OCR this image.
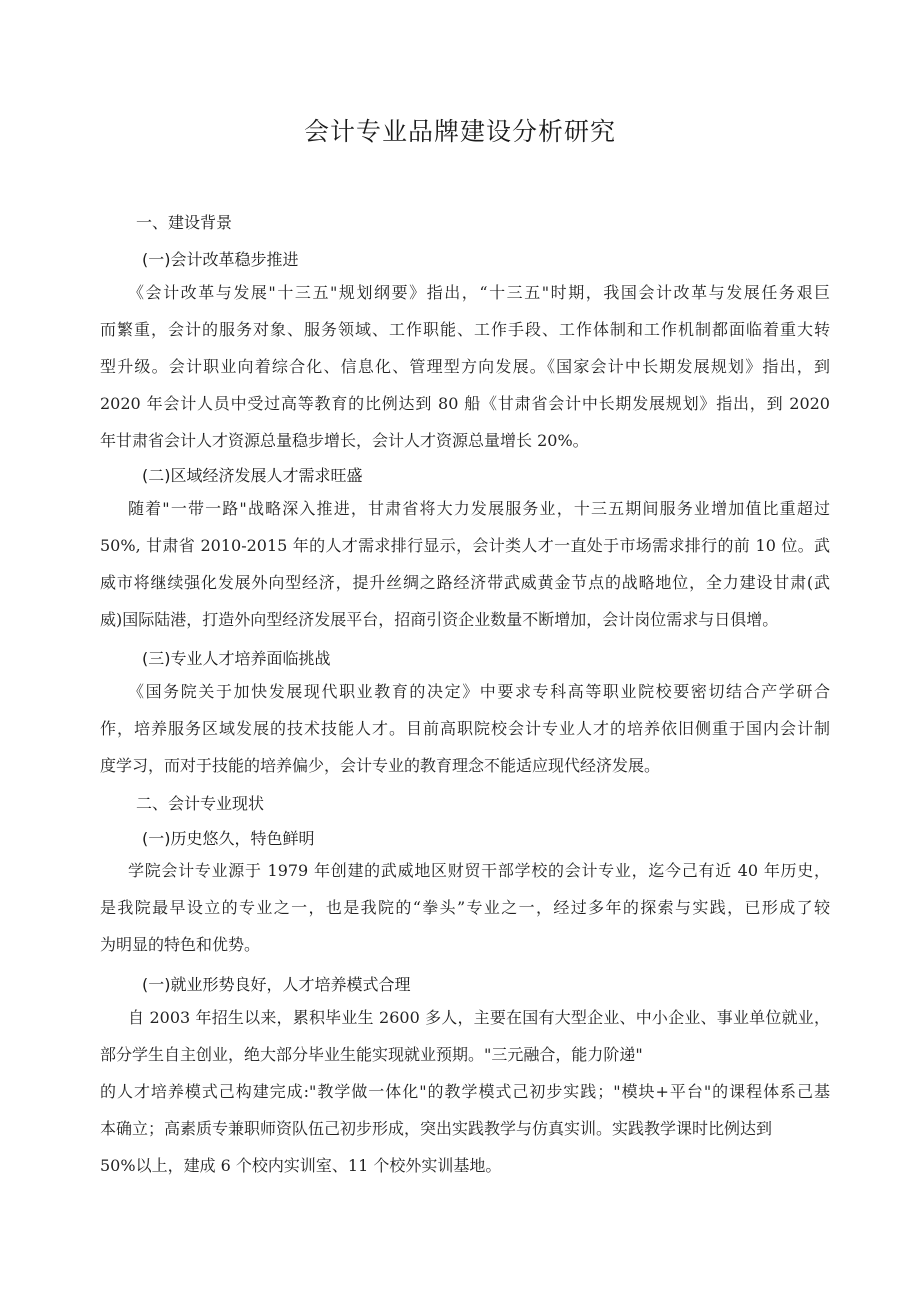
会计专业品牌建设分析研究
一、建设背景
(一)会计改革稳步推进
《会计改革与发展"十三五"规划纲要》指出，“十三五"时期，我国会计改革与发展任务艰巨
而繁重，会计的服务对象、服务领域、工作职能、工作手段、工作体制和工作机制都面临着重大转
型升级。会计职业向着综合化、信息化、管理型方向发展。《国家会计中长期发展规划》指出，到
2020 年会计人员中受过高等教育的比例达到 80 船《甘肃省会计中长期发展规划》指出，到 2020
年甘肃省会计人才资源总量稳步增长，会计人才资源总量增长 20%。
(二)区域经济发展人才需求旺盛
随着"一带一路"战略深入推进，甘肃省将大力发展服务业，十三五期间服务业增加值比重超过
50%, 甘肃省 2010-2015 年的人才需求排行显示，会计类人才一直处于市场需求排行的前 10 位。武
威市将继续强化发展外向型经济，提升丝绸之路经济带武威黄金节点的战略地位，全力建设甘肃(武
威)国际陆港，打造外向型经济发展平台，招商引资企业数量不断增加，会计岗位需求与日俱增。
(三)专业人才培养面临挑战
《国务院关于加快发展现代职业教育的决定》中要求专科高等职业院校要密切结合产学研合
作，培养服务区域发展的技术技能人才。目前高职院校会计专业人才的培养依旧侧重于国内会计制
度学习，而对于技能的培养偏少，会计专业的教育理念不能适应现代经济发展。
二、会计专业现状
(一)历史悠久，特色鲜明
学院会计专业源于 1979 年创建的武威地区财贸干部学校的会计专业，迄今己有近 40 年历史，
是我院最早设立的专业之一，也是我院的“拳头”专业之一，经过多年的探索与实践，已形成了较
为明显的特色和优势。
(一)就业形势良好，人才培养模式合理
自 2003 年招生以来，累积毕业生 2600 多人，主要在国有大型企业、中小企业、事业单位就业，
部分学生自主创业，绝大部分毕业生能实现就业预期。"三元融合，能力阶递"
的人才培养模式己构建完成:"教学做一体化"的教学模式己初步实践；"模块+平台"的课程体系己基
本确立；高素质专兼职师资队伍己初步形成，突出实践教学与仿真实训。实践教学课时比例达到
50%以上，建成 6 个校内实训室、11 个校外实训基地。
